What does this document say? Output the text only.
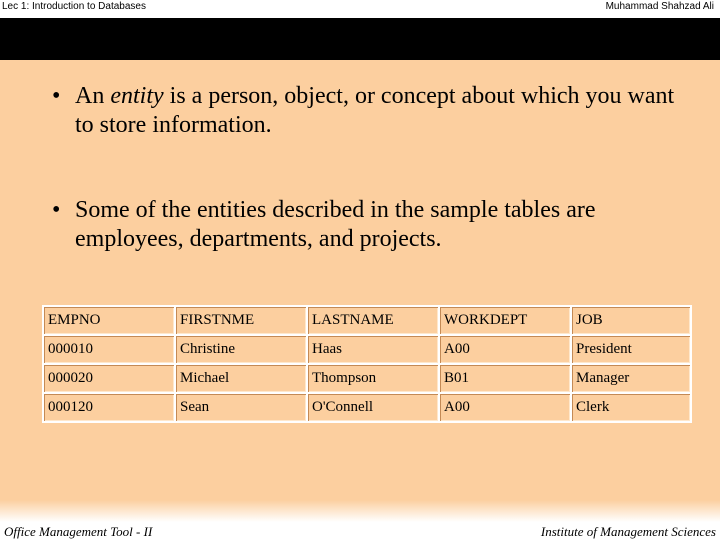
Lec 1: Introduction to Databases	Muhammad Shahzad Ali
• An entity is a person, object, or concept about which you want to store information.
• Some of the entities described in the sample tables are employees, departments, and projects.
EMPNO	FIRSTNME	LASTNAME	WORKDEPT	JOB
000010	Christine	Haas	A00	President
000020	Michael	Thompson	B01	Manager
000120	Sean	O'Connell	A00	Clerk
Office Management Tool - II	Institute of Management Sciences
